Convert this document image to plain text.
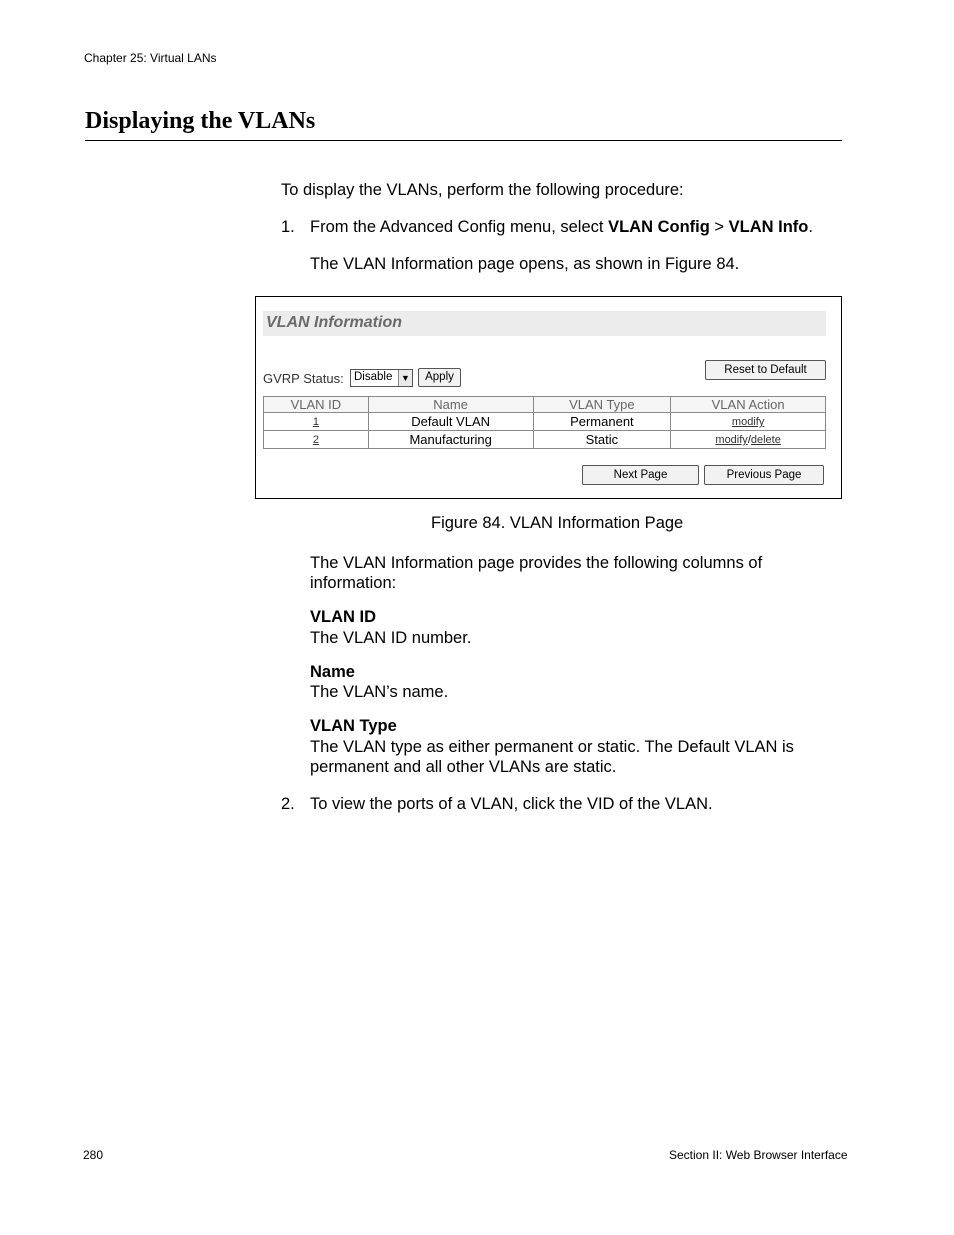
Chapter 25: Virtual LANs
Displaying the VLANs
To display the VLANs, perform the following procedure:
1. From the Advanced Config menu, select VLAN Config > VLAN Info.
The VLAN Information page opens, as shown in Figure 84.
VLAN Information
Reset to Default
GVRP Status: Disable ▼	Apply
VLAN ID	Name	VLAN Type	VLAN Action
1	Default VLAN	Permanent	modify
2	Manufacturing	Static	modify/delete
Next Page	Previous Page
Figure 84. VLAN Information Page
The VLAN Information page provides the following columns of information:
VLAN ID
The VLAN ID number.
Name
The VLAN’s name.
VLAN Type
The VLAN type as either permanent or static. The Default VLAN is permanent and all other VLANs are static.
2. To view the ports of a VLAN, click the VID of the VLAN.
280	Section II: Web Browser Interface
